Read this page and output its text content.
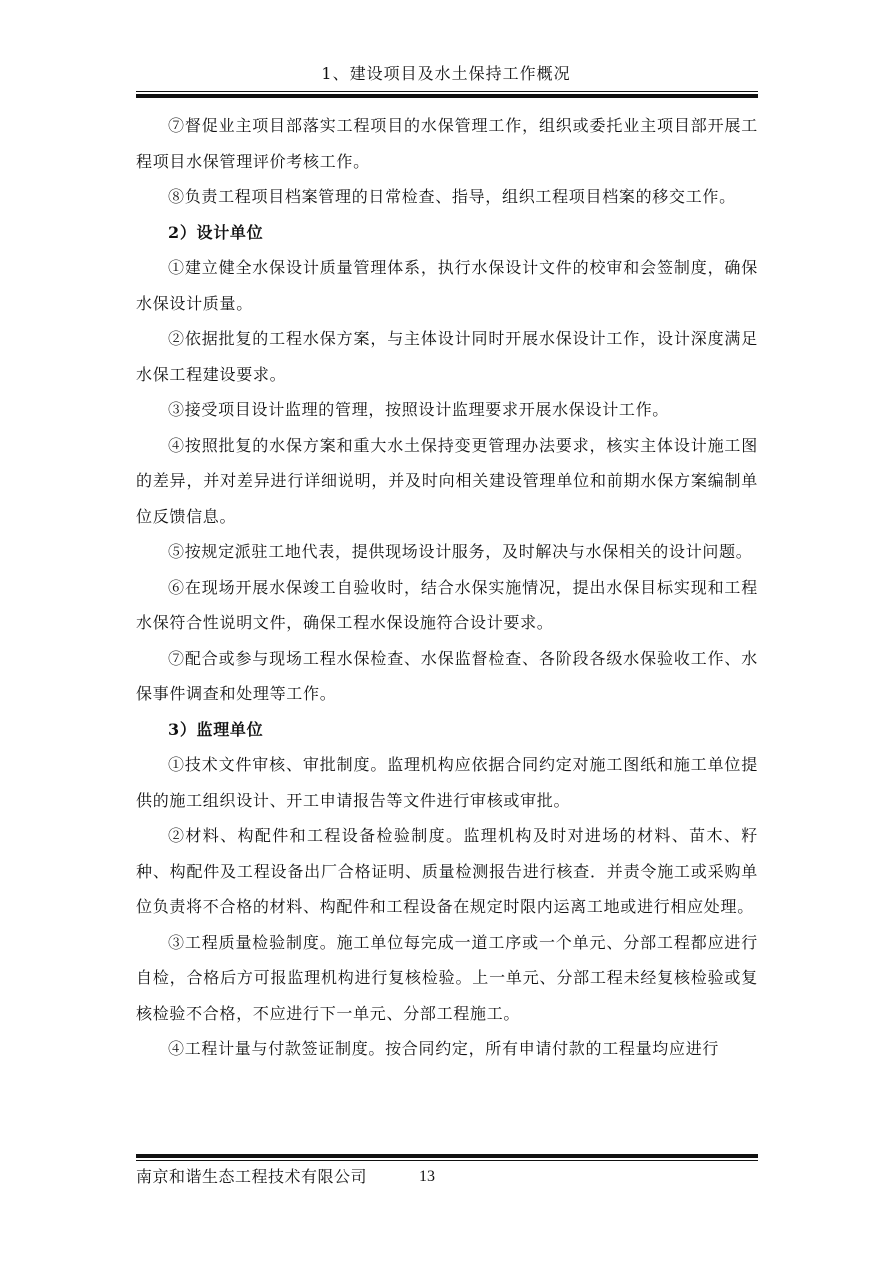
1、建设项目及水土保持工作概况

⑦督促业主项目部落实工程项目的水保管理工作，组织或委托业主项目部开展工程项目水保管理评价考核工作。

⑧负责工程项目档案管理的日常检查、指导，组织工程项目档案的移交工作。

2）设计单位

①建立健全水保设计质量管理体系，执行水保设计文件的校审和会签制度，确保水保设计质量。

②依据批复的工程水保方案，与主体设计同时开展水保设计工作，设计深度满足水保工程建设要求。

③接受项目设计监理的管理，按照设计监理要求开展水保设计工作。

④按照批复的水保方案和重大水土保持变更管理办法要求，核实主体设计施工图的差异，并对差异进行详细说明，并及时向相关建设管理单位和前期水保方案编制单位反馈信息。

⑤按规定派驻工地代表，提供现场设计服务，及时解决与水保相关的设计问题。

⑥在现场开展水保竣工自验收时，结合水保实施情况，提出水保目标实现和工程水保符合性说明文件，确保工程水保设施符合设计要求。

⑦配合或参与现场工程水保检查、水保监督检查、各阶段各级水保验收工作、水保事件调查和处理等工作。

3）监理单位

①技术文件审核、审批制度。监理机构应依据合同约定对施工图纸和施工单位提供的施工组织设计、开工申请报告等文件进行审核或审批。

②材料、构配件和工程设备检验制度。监理机构及时对进场的材料、苗木、籽种、构配件及工程设备出厂合格证明、质量检测报告进行核查．并责令施工或采购单位负责将不合格的材料、构配件和工程设备在规定时限内运离工地或进行相应处理。

③工程质量检验制度。施工单位每完成一道工序或一个单元、分部工程都应进行自检，合格后方可报监理机构进行复核检验。上一单元、分部工程未经复核检验或复核检验不合格，不应进行下一单元、分部工程施工。

④工程计量与付款签证制度。按合同约定，所有申请付款的工程量均应进行

南京和谐生态工程技术有限公司	13
